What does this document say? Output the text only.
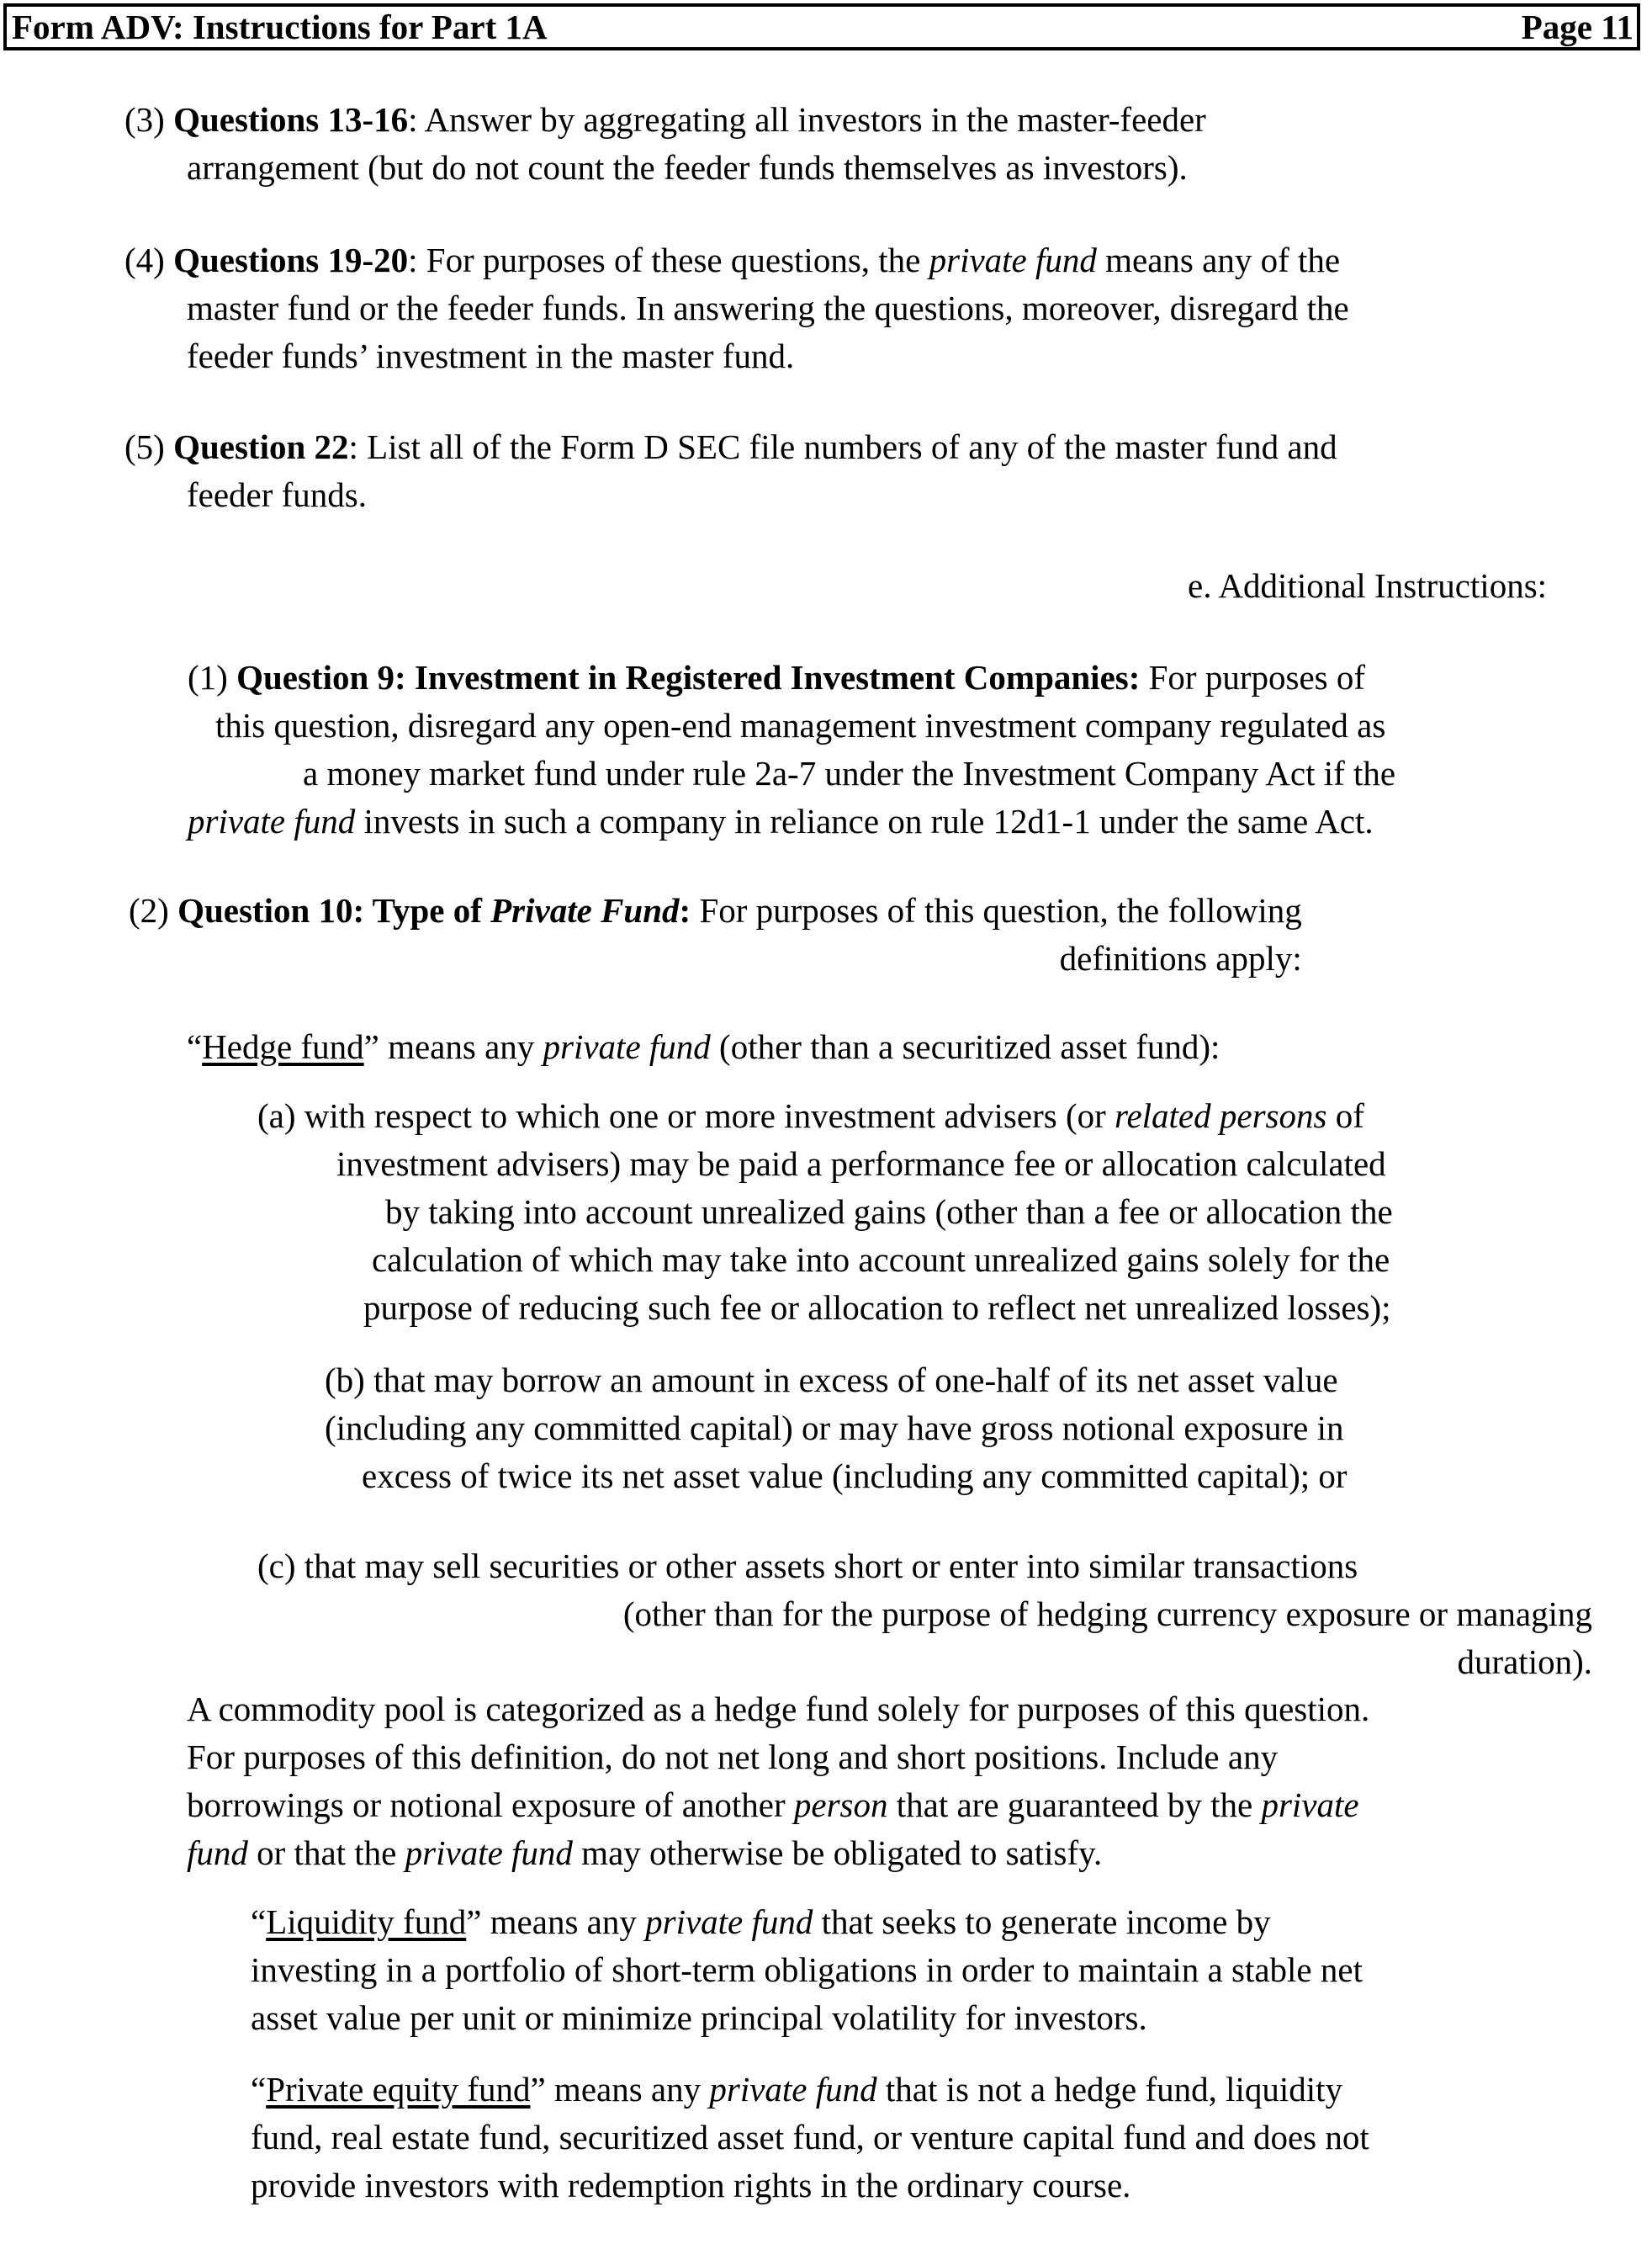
Form ADV: Instructions for Part 1A	Page 11
(3) Questions 13-16: Answer by aggregating all investors in the master-feeder
arrangement (but do not count the feeder funds themselves as investors).
(4) Questions 19-20: For purposes of these questions, the private fund means any of the
master fund or the feeder funds. In answering the questions, moreover, disregard the
feeder funds’ investment in the master fund.
(5) Question 22: List all of the Form D SEC file numbers of any of the master fund and
feeder funds.
e. Additional Instructions:
(1) Question 9: Investment in Registered Investment Companies: For purposes of
this question, disregard any open-end management investment company regulated as
a money market fund under rule 2a-7 under the Investment Company Act if the
private fund invests in such a company in reliance on rule 12d1-1 under the same Act.
(2) Question 10: Type of Private Fund: For purposes of this question, the following
definitions apply:
“Hedge fund” means any private fund (other than a securitized asset fund):
(a) with respect to which one or more investment advisers (or related persons of
investment advisers) may be paid a performance fee or allocation calculated
by taking into account unrealized gains (other than a fee or allocation the
calculation of which may take into account unrealized gains solely for the
purpose of reducing such fee or allocation to reflect net unrealized losses);
(b) that may borrow an amount in excess of one-half of its net asset value
(including any committed capital) or may have gross notional exposure in
excess of twice its net asset value (including any committed capital); or
(c) that may sell securities or other assets short or enter into similar transactions
(other than for the purpose of hedging currency exposure or managing
duration).
A commodity pool is categorized as a hedge fund solely for purposes of this question.
For purposes of this definition, do not net long and short positions. Include any
borrowings or notional exposure of another person that are guaranteed by the private
fund or that the private fund may otherwise be obligated to satisfy.
“Liquidity fund” means any private fund that seeks to generate income by
investing in a portfolio of short-term obligations in order to maintain a stable net
asset value per unit or minimize principal volatility for investors.
“Private equity fund” means any private fund that is not a hedge fund, liquidity
fund, real estate fund, securitized asset fund, or venture capital fund and does not
provide investors with redemption rights in the ordinary course.
